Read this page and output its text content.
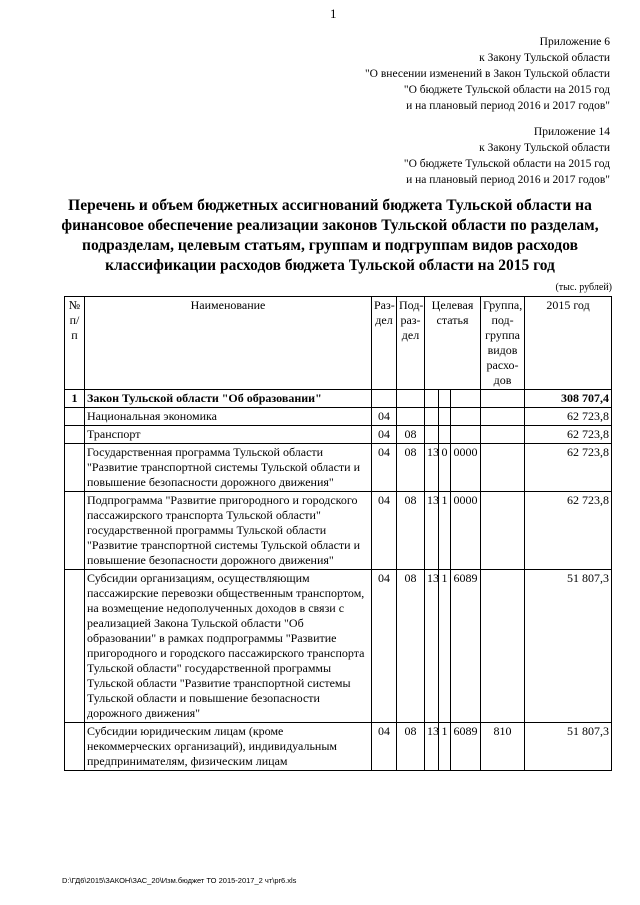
1
Приложение 6
к Закону Тульской области
"О внесении изменений в Закон Тульской области
"О бюджете Тульской области на 2015 год
и на плановый период 2016 и 2017 годов"
Приложение 14
к Закону Тульской области
"О бюджете Тульской области на 2015 год
и на плановый период 2016 и 2017 годов"
Перечень и объем бюджетных ассигнований бюджета Тульской области на финансовое обеспечение реализации законов Тульской области по разделам, подразделам, целевым статьям, группам и подгруппам видов расходов классификации расходов бюджета Тульской области на 2015 год
(тыс. рублей)
№ п/п	Наименование	Раз-дел	Под-раз-дел	Целевая статья			Группа, под-группа видов расхо-дов	2015 год
1	Закон Тульской области "Об образовании"							308 707,4
	Национальная экономика	04						62 723,8
	Транспорт	04	08					62 723,8
	Государственная программа Тульской области "Развитие транспортной системы Тульской области и повышение безопасности дорожного движения"	04	08	13	0	0000		62 723,8
	Подпрограмма "Развитие пригородного и городского пассажирского транспорта Тульской области" государственной программы Тульской области "Развитие транспортной системы Тульской области и повышение безопасности дорожного движения"	04	08	13	1	0000		62 723,8
	Субсидии организациям, осуществляющим пассажирские перевозки общественным транспортом, на возмещение недополученных доходов в связи с реализацией Закона Тульской области "Об образовании" в рамках подпрограммы "Развитие пригородного и городского пассажирского транспорта Тульской области" государственной программы Тульской области "Развитие транспортной системы Тульской области и повышение безопасности дорожного движения"	04	08	13	1	6089		51 807,3
	Субсидии юридическим лицам (кроме некоммерческих организаций), индивидуальным предпринимателям, физическим лицам	04	08	13	1	6089	810	51 807,3
D:\ГД6\2015\ЗАКОН\ЗАС_20\Изм.бюджет ТО 2015-2017_2 чт\pr6.xls
